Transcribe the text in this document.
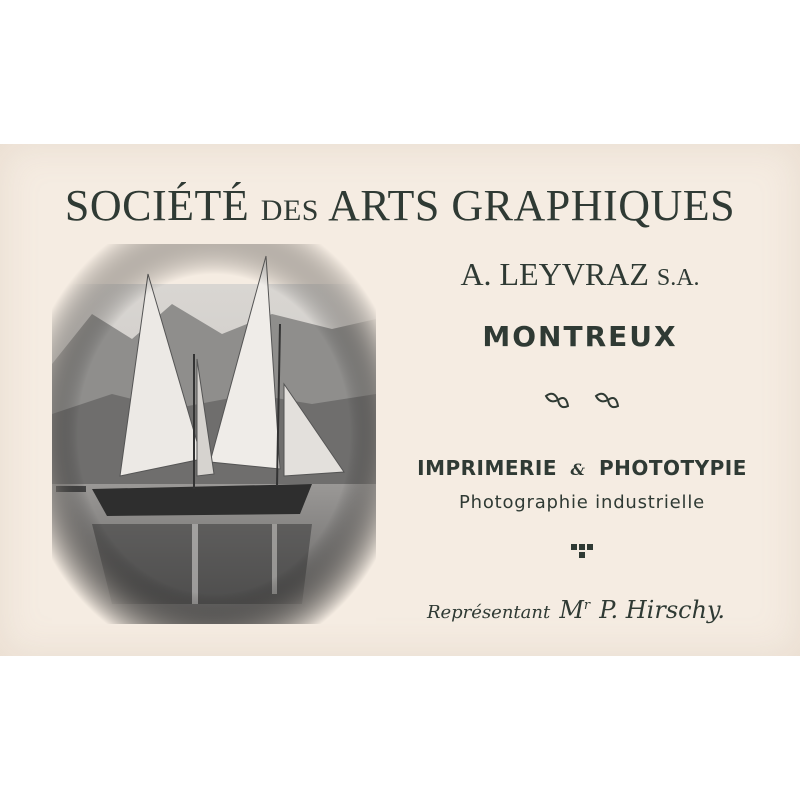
SOCIÉTÉ DES ARTS GRAPHIQUES
A. LEYVRAZ S.A.
MONTREUX
IMPRIMERIE & PHOTOTYPIE
Photographie industrielle
Représentant $M^r$ P. Hirschy.
